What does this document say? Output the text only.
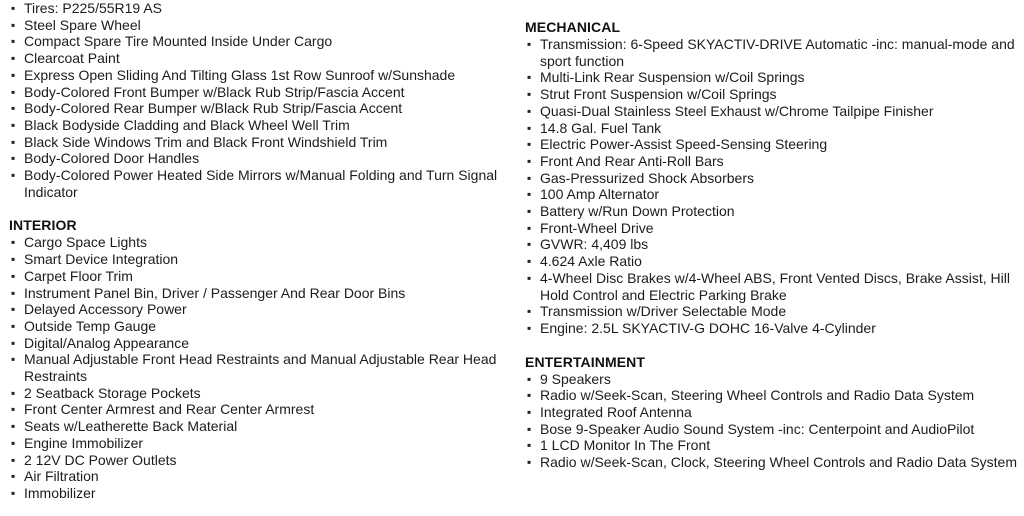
▪ Tires: P225/55R19 AS
▪ Steel Spare Wheel
▪ Compact Spare Tire Mounted Inside Under Cargo
▪ Clearcoat Paint
▪ Express Open Sliding And Tilting Glass 1st Row Sunroof w/Sunshade
▪ Body-Colored Front Bumper w/Black Rub Strip/Fascia Accent
▪ Body-Colored Rear Bumper w/Black Rub Strip/Fascia Accent
▪ Black Bodyside Cladding and Black Wheel Well Trim
▪ Black Side Windows Trim and Black Front Windshield Trim
▪ Body-Colored Door Handles
▪ Body-Colored Power Heated Side Mirrors w/Manual Folding and Turn Signal Indicator
INTERIOR
▪ Cargo Space Lights
▪ Smart Device Integration
▪ Carpet Floor Trim
▪ Instrument Panel Bin, Driver / Passenger And Rear Door Bins
▪ Delayed Accessory Power
▪ Outside Temp Gauge
▪ Digital/Analog Appearance
▪ Manual Adjustable Front Head Restraints and Manual Adjustable Rear Head Restraints
▪ 2 Seatback Storage Pockets
▪ Front Center Armrest and Rear Center Armrest
▪ Seats w/Leatherette Back Material
▪ Engine Immobilizer
▪ 2 12V DC Power Outlets
▪ Air Filtration
▪ Immobilizer
MECHANICAL
▪ Transmission: 6-Speed SKYACTIV-DRIVE Automatic -inc: manual-mode and sport function
▪ Multi-Link Rear Suspension w/Coil Springs
▪ Strut Front Suspension w/Coil Springs
▪ Quasi-Dual Stainless Steel Exhaust w/Chrome Tailpipe Finisher
▪ 14.8 Gal. Fuel Tank
▪ Electric Power-Assist Speed-Sensing Steering
▪ Front And Rear Anti-Roll Bars
▪ Gas-Pressurized Shock Absorbers
▪ 100 Amp Alternator
▪ Battery w/Run Down Protection
▪ Front-Wheel Drive
▪ GVWR: 4,409 lbs
▪ 4.624 Axle Ratio
▪ 4-Wheel Disc Brakes w/4-Wheel ABS, Front Vented Discs, Brake Assist, Hill Hold Control and Electric Parking Brake
▪ Transmission w/Driver Selectable Mode
▪ Engine: 2.5L SKYACTIV-G DOHC 16-Valve 4-Cylinder
ENTERTAINMENT
▪ 9 Speakers
▪ Radio w/Seek-Scan, Steering Wheel Controls and Radio Data System
▪ Integrated Roof Antenna
▪ Bose 9-Speaker Audio Sound System -inc: Centerpoint and AudioPilot
▪ 1 LCD Monitor In The Front
▪ Radio w/Seek-Scan, Clock, Steering Wheel Controls and Radio Data System
